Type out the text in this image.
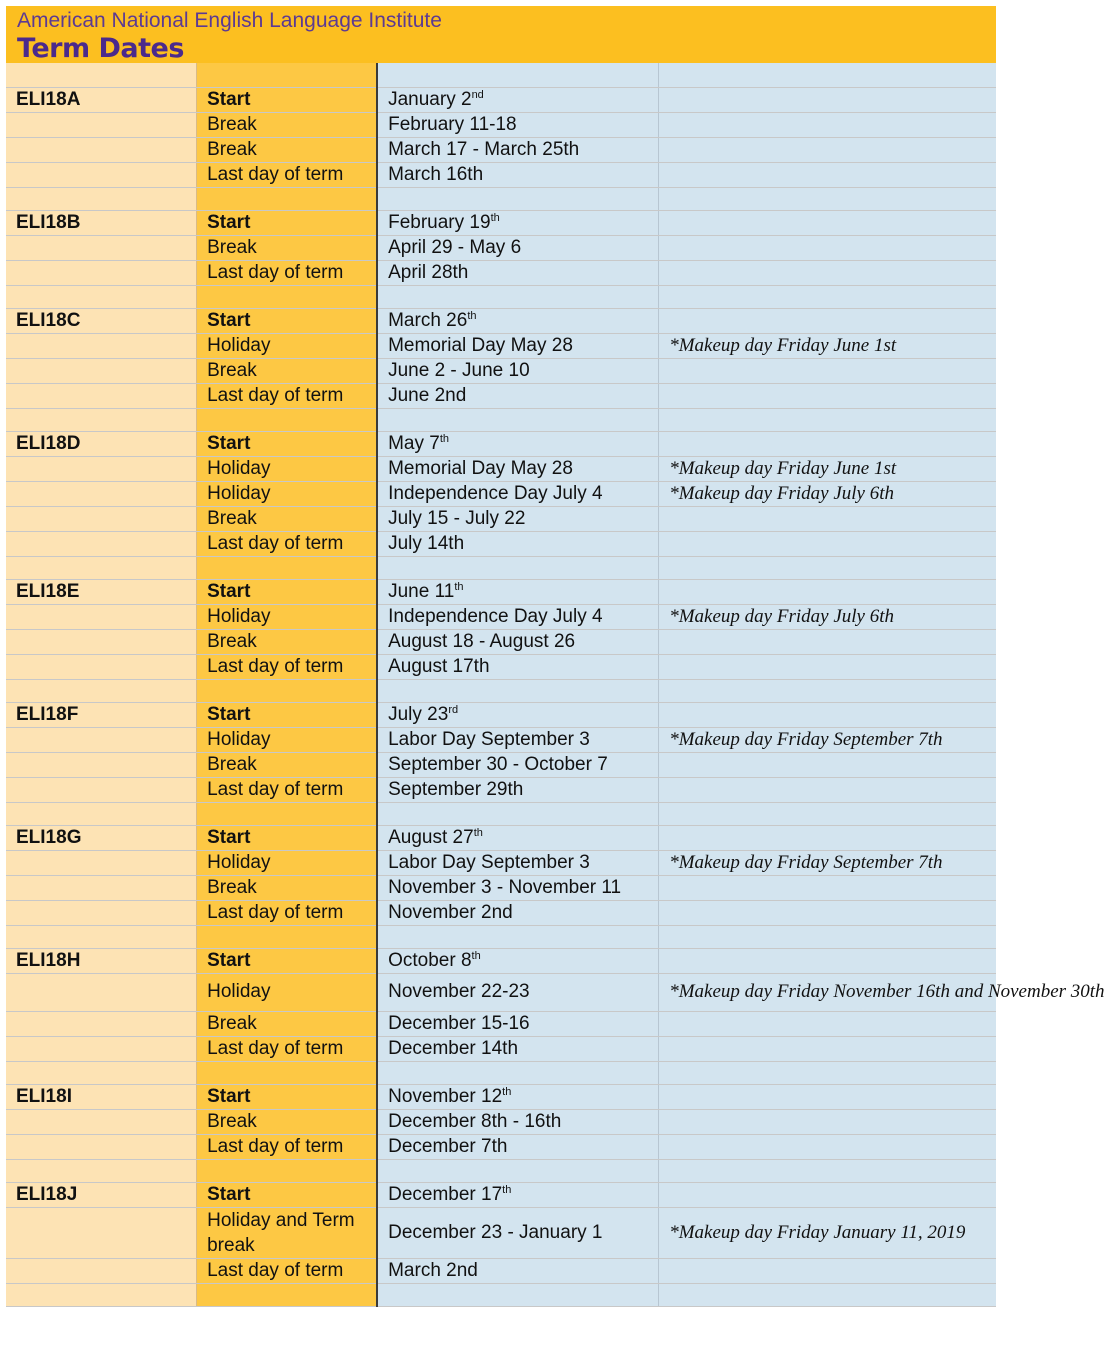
American National English Language Institute
Term Dates

ELI18A	Start	January 2nd	
	Break	February 11-18	
	Break	March 17 - March 25th	
	Last day of term	March 16th	

ELI18B	Start	February 19th	
	Break	April 29 - May 6	
	Last day of term	April 28th	

ELI18C	Start	March 26th	
	Holiday	Memorial Day May 28	*Makeup day Friday June 1st
	Break	June 2 - June 10	
	Last day of term	June 2nd	

ELI18D	Start	May 7th	
	Holiday	Memorial Day May 28	*Makeup day Friday June 1st
	Holiday	Independence Day July 4	*Makeup day Friday July 6th
	Break	July 15 - July 22	
	Last day of term	July 14th	

ELI18E	Start	June 11th	
	Holiday	Independence Day July 4	*Makeup day Friday July 6th
	Break	August 18 - August 26	
	Last day of term	August 17th	

ELI18F	Start	July 23rd	
	Holiday	Labor Day September 3	*Makeup day Friday September 7th
	Break	September 30 - October 7	
	Last day of term	September 29th	

ELI18G	Start	August 27th	
	Holiday	Labor Day September 3	*Makeup day Friday September 7th
	Break	November 3 - November 11	
	Last day of term	November 2nd	

ELI18H	Start	October 8th	
	Holiday	November 22-23	*Makeup day Friday November 16th and November 30th
	Break	December 15-16	
	Last day of term	December 14th	

ELI18I	Start	November 12th	
	Break	December 8th - 16th	
	Last day of term	December 7th	

ELI18J	Start	December 17th	
	Holiday and Term break	December 23 - January 1	*Makeup day Friday January 11, 2019
	Last day of term	March 2nd	
